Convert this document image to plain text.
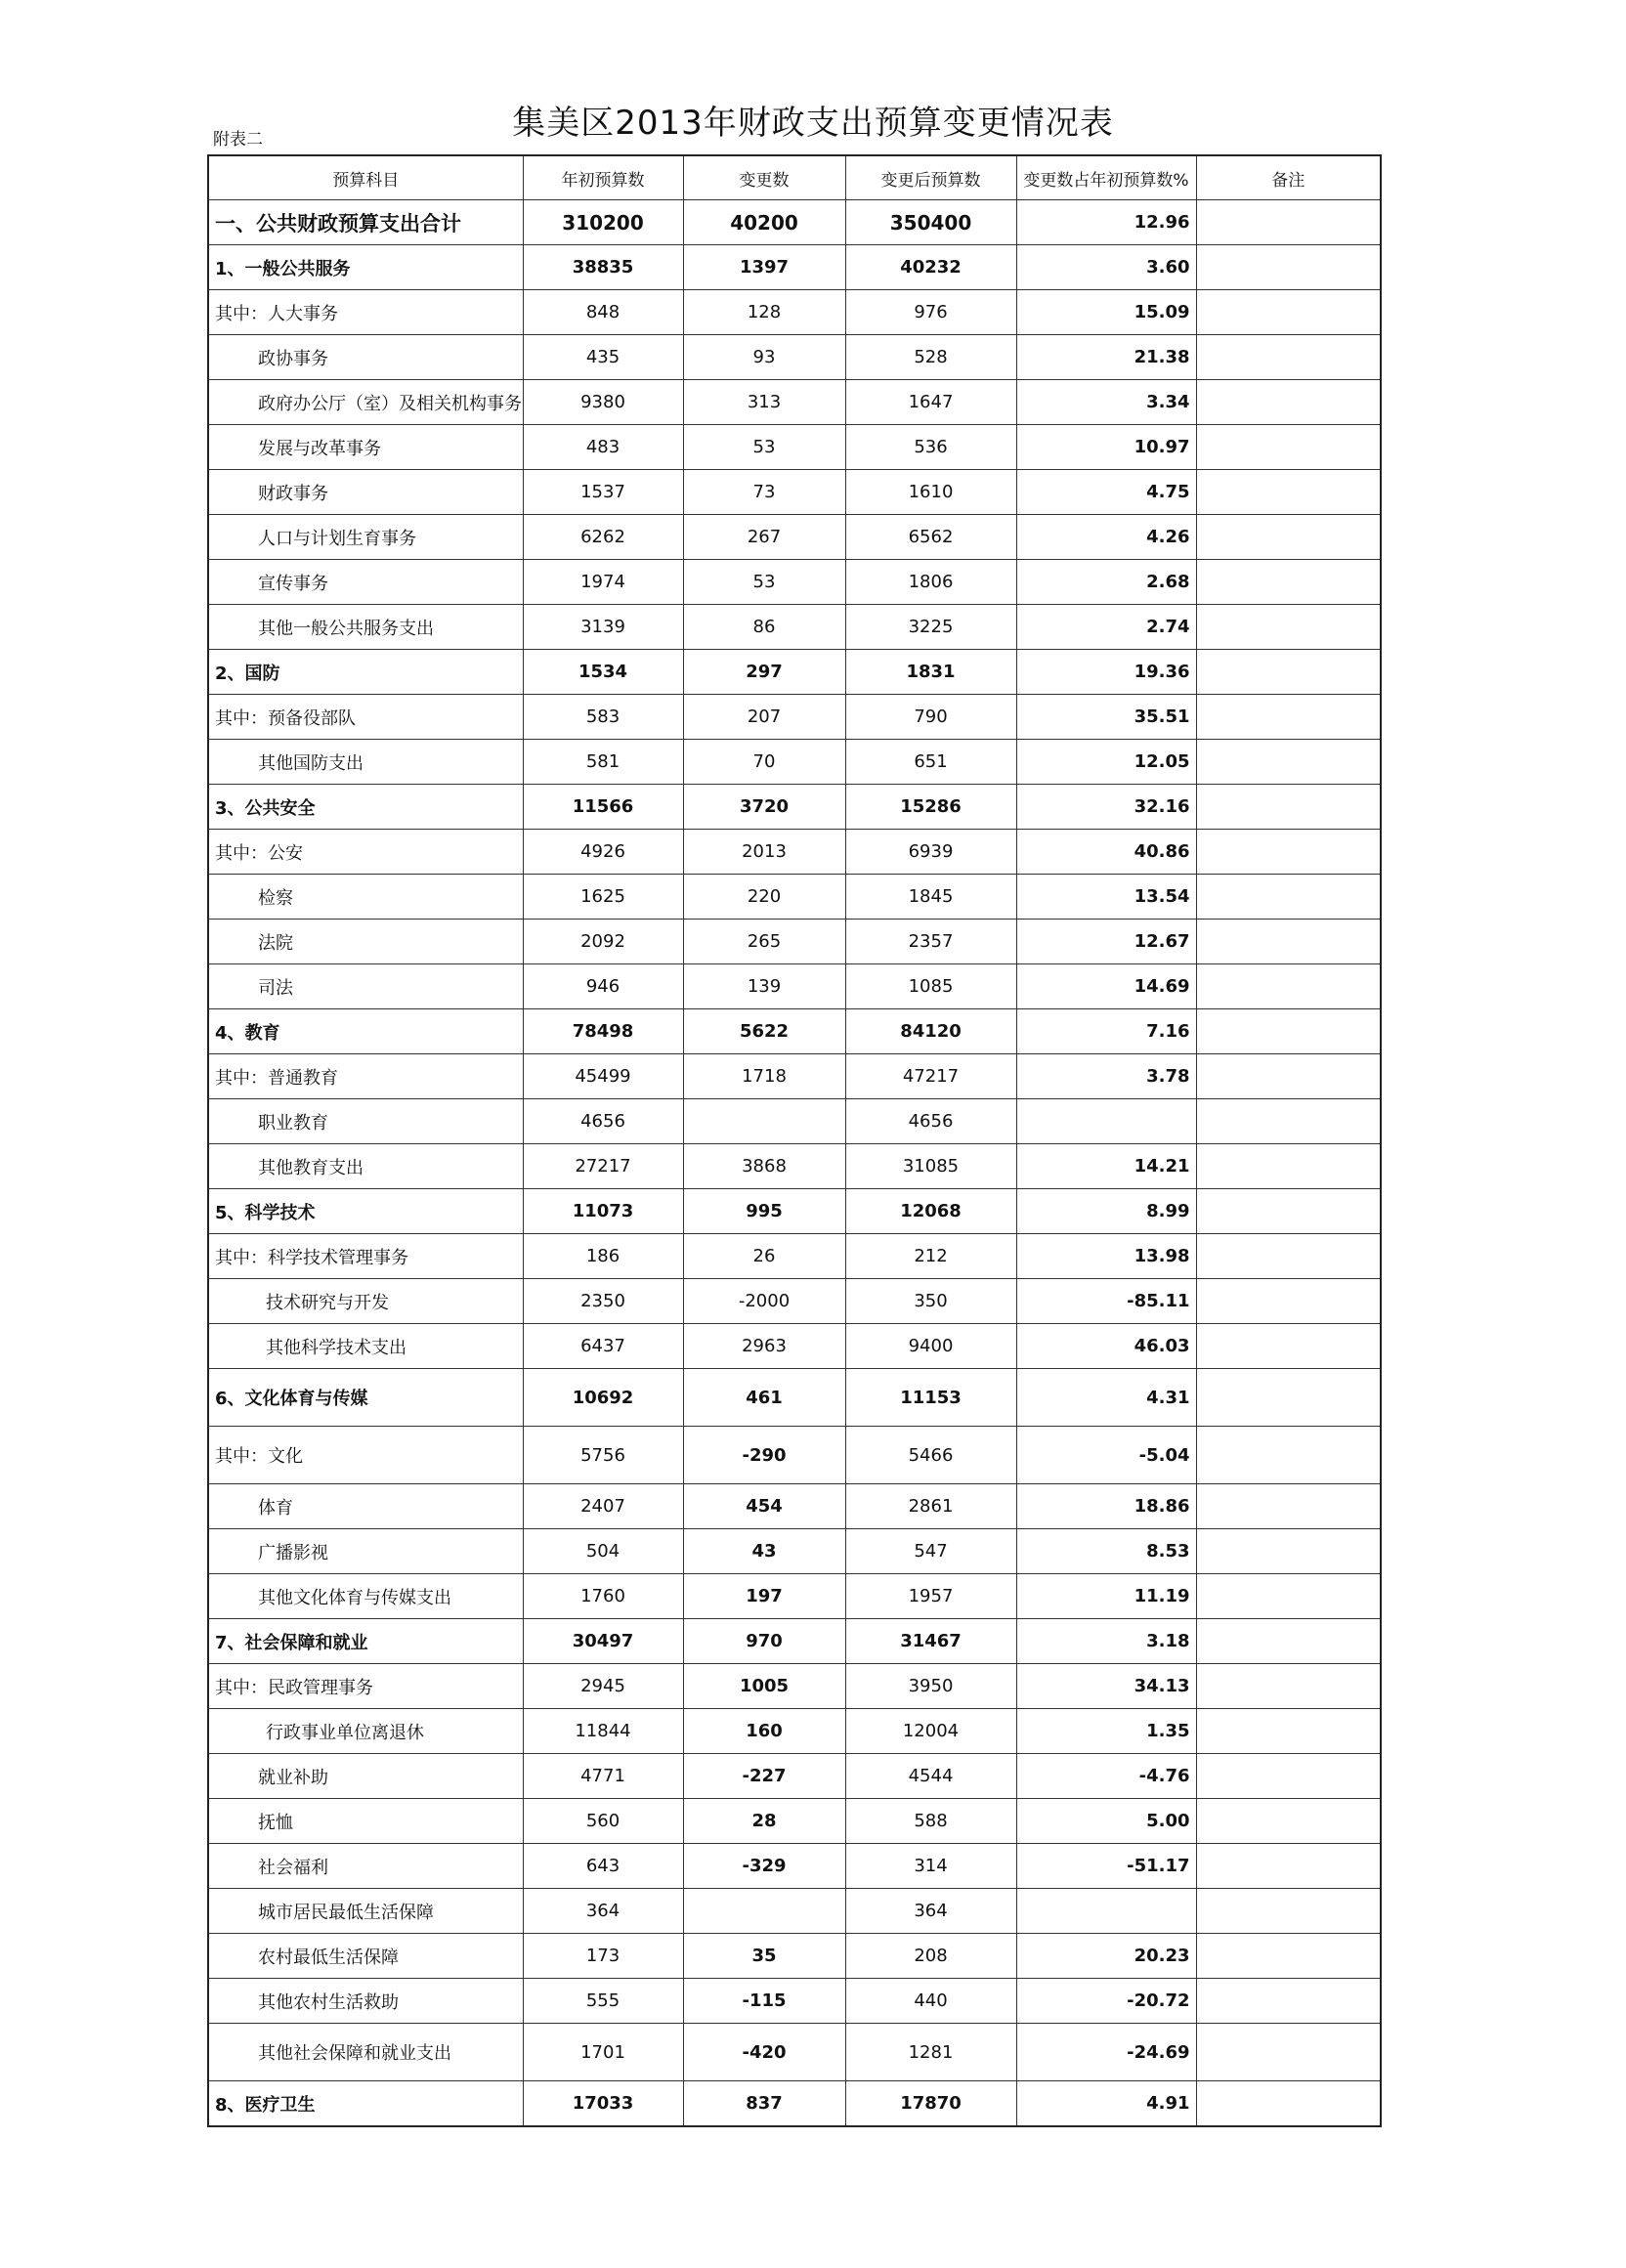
集美区2013年财政支出预算变更情况表
附表二
预算科目	年初预算数	变更数	变更后预算数	变更数占年初预算数%	备注
一、公共财政预算支出合计	310200	40200	350400	12.96	
1、一般公共服务	38835	1397	40232	3.60	
其中：人大事务	848	128	976	15.09	
政协事务	435	93	528	21.38	
政府办公厅（室）及相关机构事务	9380	313	1647	3.34	
发展与改革事务	483	53	536	10.97	
财政事务	1537	73	1610	4.75	
人口与计划生育事务	6262	267	6562	4.26	
宣传事务	1974	53	1806	2.68	
其他一般公共服务支出	3139	86	3225	2.74	
2、国防	1534	297	1831	19.36	
其中：预备役部队	583	207	790	35.51	
其他国防支出	581	70	651	12.05	
3、公共安全	11566	3720	15286	32.16	
其中：公安	4926	2013	6939	40.86	
检察	1625	220	1845	13.54	
法院	2092	265	2357	12.67	
司法	946	139	1085	14.69	
4、教育	78498	5622	84120	7.16	
其中：普通教育	45499	1718	47217	3.78	
职业教育	4656		4656		
其他教育支出	27217	3868	31085	14.21	
5、科学技术	11073	995	12068	8.99	
其中：科学技术管理事务	186	26	212	13.98	
技术研究与开发	2350	-2000	350	-85.11	
其他科学技术支出	6437	2963	9400	46.03	
6、文化体育与传媒	10692	461	11153	4.31	
其中：文化	5756	-290	5466	-5.04	
体育	2407	454	2861	18.86	
广播影视	504	43	547	8.53	
其他文化体育与传媒支出	1760	197	1957	11.19	
7、社会保障和就业	30497	970	31467	3.18	
其中：民政管理事务	2945	1005	3950	34.13	
行政事业单位离退休	11844	160	12004	1.35	
就业补助	4771	-227	4544	-4.76	
抚恤	560	28	588	5.00	
社会福利	643	-329	314	-51.17	
城市居民最低生活保障	364		364		
农村最低生活保障	173	35	208	20.23	
其他农村生活救助	555	-115	440	-20.72	
其他社会保障和就业支出	1701	-420	1281	-24.69	
8、医疗卫生	17033	837	17870	4.91	
